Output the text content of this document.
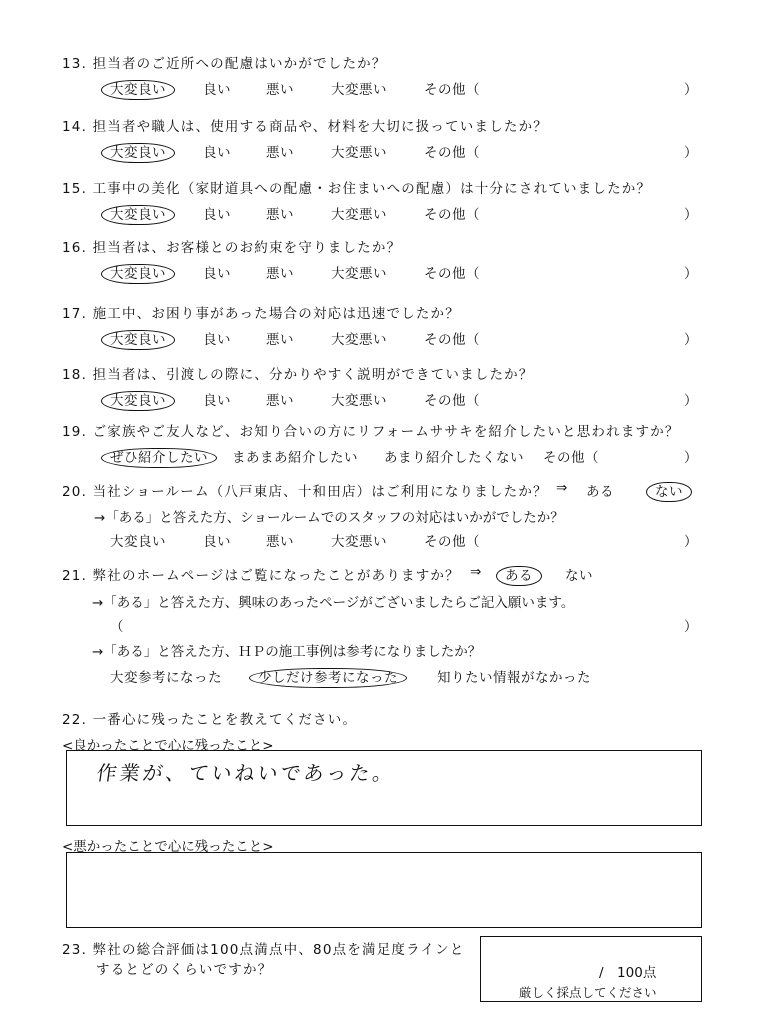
13. 担当者のご近所への配慮はいかがでしたか？
大変良い	良い	悪い	大変悪い	その他（	）
14. 担当者や職人は、使用する商品や、材料を大切に扱っていましたか？
大変良い	良い	悪い	大変悪い	その他（	）
15. 工事中の美化（家財道具への配慮・お住まいへの配慮）は十分にされていましたか？
大変良い	良い	悪い	大変悪い	その他（	）
16. 担当者は、お客様とのお約束を守りましたか？
大変良い	良い	悪い	大変悪い	その他（	）
17. 施工中、お困り事があった場合の対応は迅速でしたか？
大変良い	良い	悪い	大変悪い	その他（	）
18. 担当者は、引渡しの際に、分かりやすく説明ができていましたか？
大変良い	良い	悪い	大変悪い	その他（	）
19. ご家族やご友人など、お知り合いの方にリフォームササキを紹介したいと思われますか？
ぜひ紹介したい	まあまあ紹介したい あまり紹介したくない その他（	）
20. 当社ショールーム（八戸東店、十和田店）はご利用になりましたか？ ⇒ ある	ない
→「ある」と答えた方、ショールームでのスタッフの対応はいかがでしたか？
大変良い	良い	悪い	大変悪い	その他（	）
21. 弊社のホームページはご覧になったことがありますか？ ⇒ ある	ない
→「ある」と答えた方、興味のあったページがございましたらご記入願います。
（	）
→「ある」と答えた方、ＨＰの施工事例は参考になりましたか？
大変参考になった	少しだけ参考になった	知りたい情報がなかった
22. 一番心に残ったことを教えてください。
<良かったことで心に残ったこと>
作業が、ていねいであった。
<悪かったことで心に残ったこと>
23. 弊社の総合評価は100点満点中、80点を満足度ラインと
するとどのくらいですか？	/　100点
厳しく採点してください
